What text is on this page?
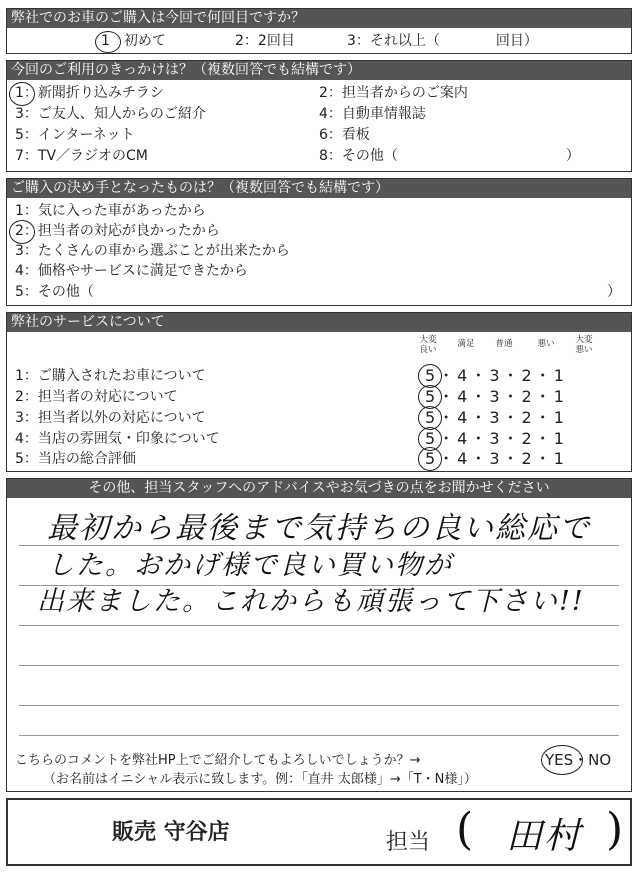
弊社でのお車のご購入は今回で何回目ですか？
1　初めて	2：2回目	3：それ以上（　　　　回目）
今回のご利用のきっかけは？（複数回答でも結構です）
1：新聞折り込みチラシ	2：担当者からのご案内
3：ご友人、知人からのご紹介	4：自動車情報誌
5：インターネット	6：看板
7：TV／ラジオのCM	8：その他（　　　　　　　　　　　　）
ご購入の決め手となったものは？（複数回答でも結構です）
1：気に入った車があったから
2：担当者の対応が良かったから
3：たくさんの車から選ぶことが出来たから
4：価格やサービスに満足できたから
5：その他（	）
弊社のサービスについて
大変良い
満足	普通	悪い	大変悪い
1：ご購入されたお車について	5・4・3・2・1
2：担当者の対応について	5・4・3・2・1
3：担当者以外の対応について	5・4・3・2・1
4：当店の雰囲気・印象について	5・4・3・2・1
5：当店の総合評価	5・4・3・2・1
その他、担当スタッフへのアドバイスやお気づきの点をお聞かせください
最初から最後まで気持ちの良い総応で
した。おかげ様で良い買い物が
出来ました。これからも頑張って下さい!!
こちらのコメントを弊社HP上でご紹介してもよろしいでしょうか？→	YES・NO
（お名前はイニシャル表示に致します。例：「直井 太郎様」→「T・N様」）
販売 守谷店	担当 ( 田村 )
